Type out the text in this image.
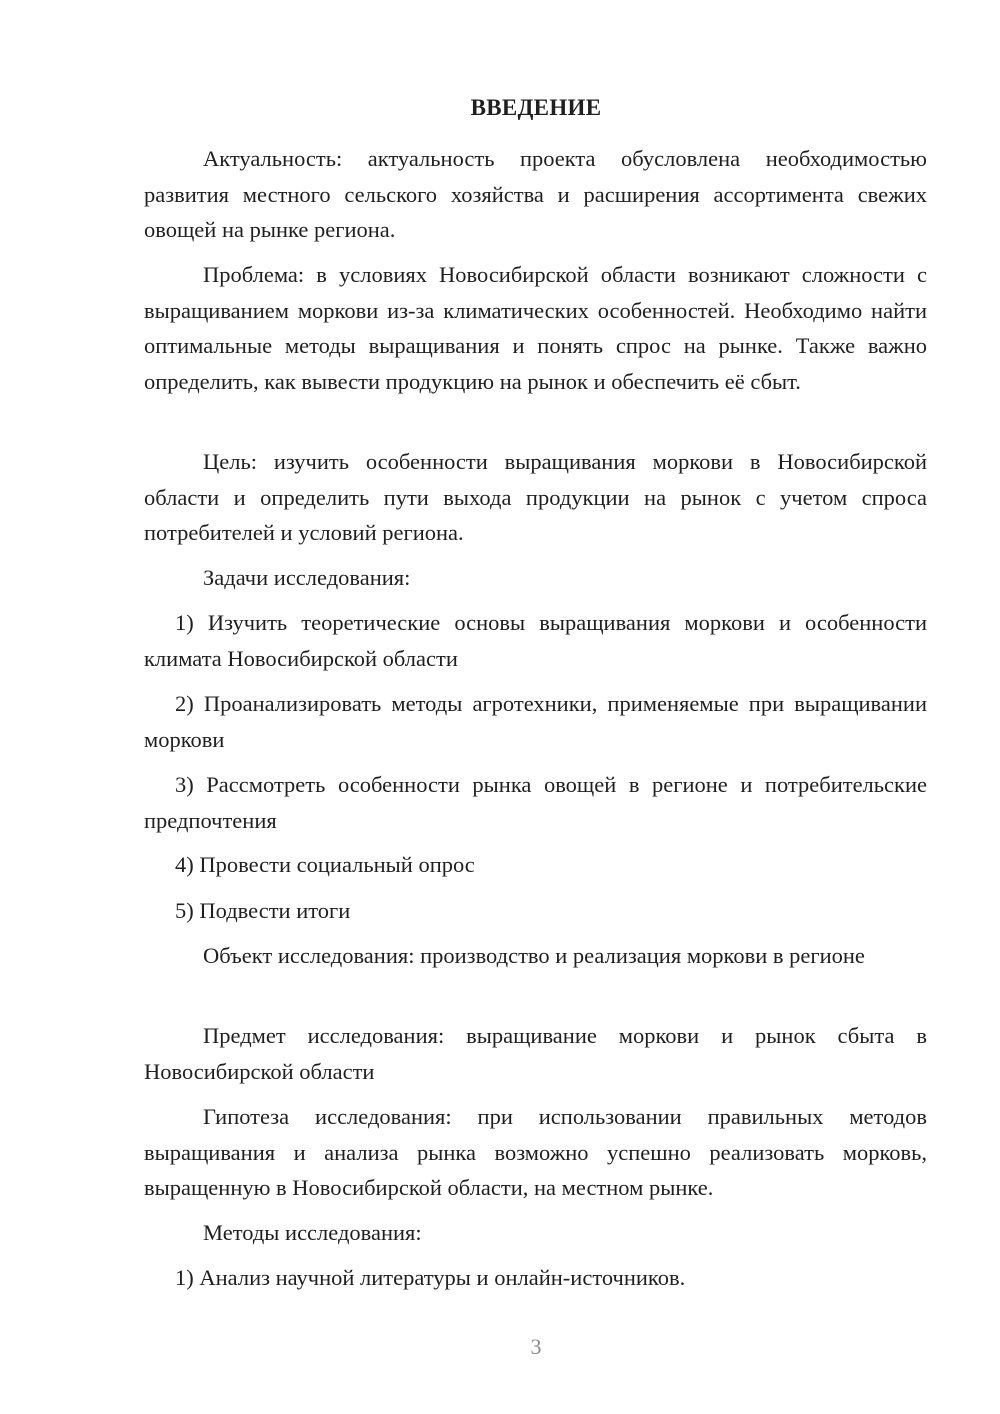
ВВЕДЕНИЕ

Актуальность: актуальность проекта обусловлена необходимостью развития местного сельского хозяйства и расширения ассортимента свежих овощей на рынке региона.

Проблема: в условиях Новосибирской области возникают сложности с выращиванием моркови из-за климатических особенностей. Необходимо найти оптимальные методы выращивания и понять спрос на рынке. Также важно определить, как вывести продукцию на рынок и обеспечить её сбыт.

Цель: изучить особенности выращивания моркови в Новосибирской области и определить пути выхода продукции на рынок с учетом спроса потребителей и условий региона.

Задачи исследования:

1) Изучить теоретические основы выращивания моркови и особенности климата Новосибирской области

2) Проанализировать методы агротехники, применяемые при выращивании моркови

3) Рассмотреть особенности рынка овощей в регионе и потребительские предпочтения

4) Провести социальный опрос

5) Подвести итоги

Объект исследования: производство и реализация моркови в регионе

Предмет исследования: выращивание моркови и рынок сбыта в Новосибирской области

Гипотеза исследования: при использовании правильных методов выращивания и анализа рынка возможно успешно реализовать морковь, выращенную в Новосибирской области, на местном рынке.

Методы исследования:

1) Анализ научной литературы и онлайн-источников.

3
